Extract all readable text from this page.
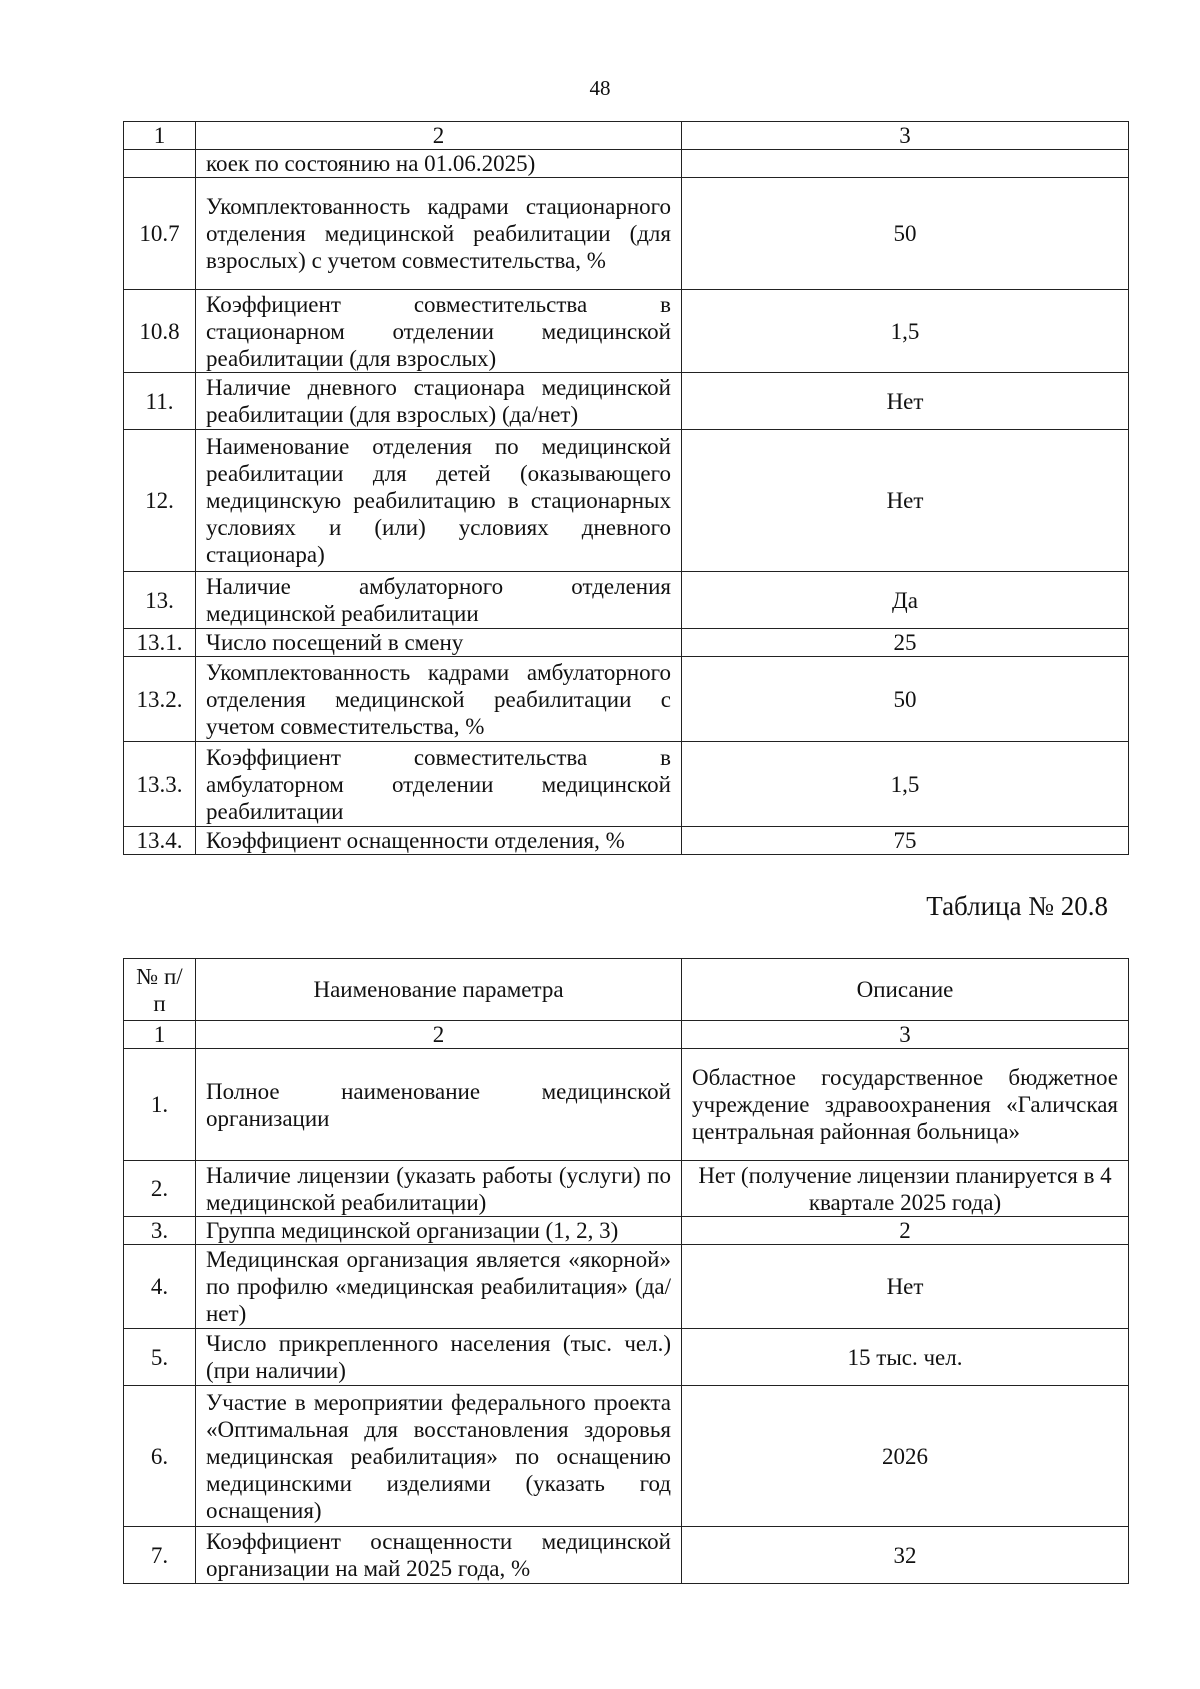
48
1	2	3
	коек по состоянию на 01.06.2025)	
10.7	Укомплектованность кадрами стационарного отделения медицинской реабилитации (для взрослых) с учетом совместительства, %	50
10.8	Коэффициент совместительства в стационарном отделении медицинской реабилитации (для взрослых)	1,5
11.	Наличие дневного стационара медицинской реабилитации (для взрослых) (да/нет)	Нет
12.	Наименование отделения по медицинской реабилитации для детей (оказывающего медицинскую реабилитацию в стационарных условиях и (или) условиях дневного стационара)	Нет
13.	Наличие амбулаторного отделения медицинской реабилитации	Да
13.1.	Число посещений в смену	25
13.2.	Укомплектованность кадрами амбулаторного отделения медицинской реабилитации с учетом совместительства, %	50
13.3.	Коэффициент совместительства в амбулаторном отделении медицинской реабилитации	1,5
13.4.	Коэффициент оснащенности отделения, %	75
Таблица № 20.8
№ п/п	Наименование параметра	Описание
1	2	3
1.	Полное наименование медицинской организации	Областное государственное бюджетное учреждение здравоохранения «Галичская центральная районная больница»
2.	Наличие лицензии (указать работы (услуги) по медицинской реабилитации)	Нет (получение лицензии планируется в 4 квартале 2025 года)
3.	Группа медицинской организации (1, 2, 3)	2
4.	Медицинская организация является «якорной» по профилю «медицинская реабилитация» (да/нет)	Нет
5.	Число прикрепленного населения (тыс. чел.) (при наличии)	15 тыс. чел.
6.	Участие в мероприятии федерального проекта «Оптимальная для восстановления здоровья медицинская реабилитация» по оснащению медицинскими изделиями (указать год оснащения)	2026
7.	Коэффициент оснащенности медицинской организации на май 2025 года, %	32
